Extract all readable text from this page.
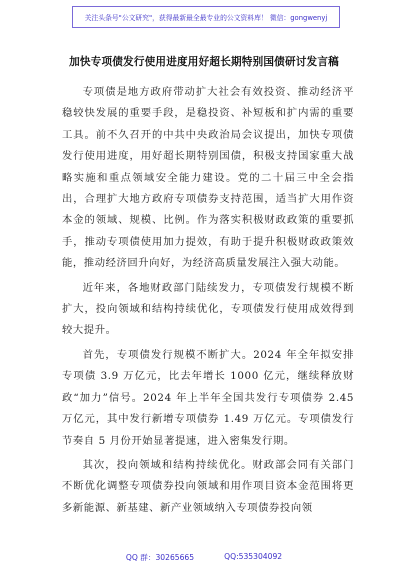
关注头条号"公文研究"，获得最新最全最专业的公文资料库！ 微信：gongwenyj
加快专项债发行使用进度用好超长期特别国债研讨发言稿

专项债是地方政府带动扩大社会有效投资、推动经济平稳较快发展的重要手段，是稳投资、补短板和扩内需的重要工具。前不久召开的中共中央政治局会议提出，加快专项债发行使用进度，用好超长期特别国债，积极支持国家重大战略实施和重点领域安全能力建设。党的二十届三中全会指出，合理扩大地方政府专项债券支持范围，适当扩大用作资本金的领域、规模、比例。作为落实积极财政政策的重要抓手，推动专项债使用加力提效，有助于提升积极财政政策效能，推动经济回升向好，为经济高质量发展注入强大动能。

近年来，各地财政部门陆续发力，专项债发行规模不断扩大，投向领域和结构持续优化，专项债发行使用成效得到较大提升。

首先，专项债发行规模不断扩大。2024 年全年拟安排专项债 3.9 万亿元，比去年增长 1000 亿元，继续释放财政“加力”信号。2024 年上半年全国共发行专项债券 2.45 万亿元，其中发行新增专项债券 1.49 万亿元。专项债发行节奏自 5 月份开始显著提速，进入密集发行期。

其次，投向领域和结构持续优化。财政部会同有关部门不断优化调整专项债券投向领域和用作项目资本金范围将更多新能源、新基建、新产业领域纳入专项债券投向领

QQ 群：30265665	QQ:535304092
